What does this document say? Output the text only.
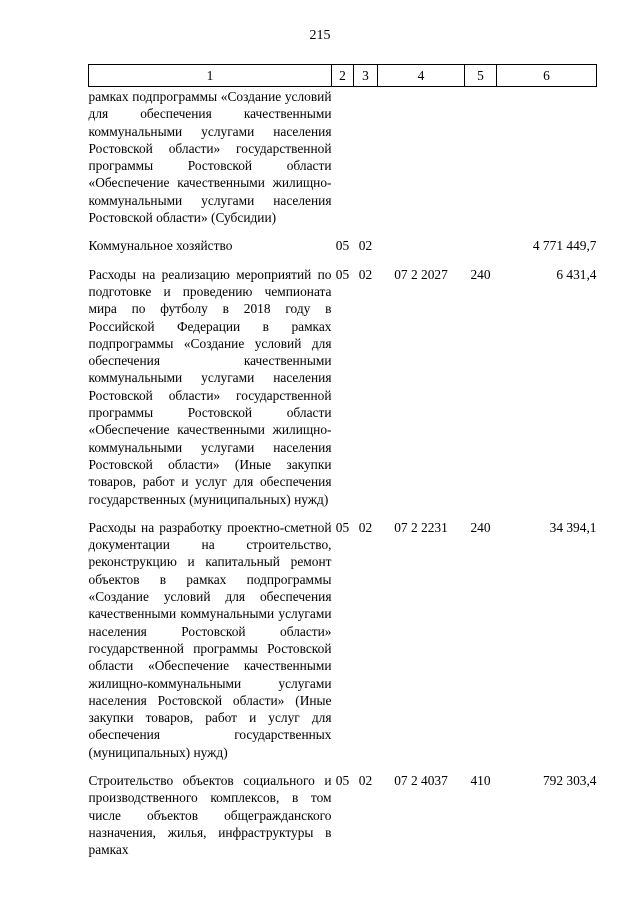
215
1	2	3	4	5	6
рамках подпрограммы «Создание условий для обеспечения качественными коммунальными услугами населения Ростовской области» государственной программы Ростовской области «Обеспечение качественными жилищно-коммунальными услугами населения Ростовской области» (Субсидии)					
Коммунальное хозяйство	05	02			4 771 449,7
Расходы на реализацию мероприятий по подготовке и проведению чемпионата мира по футболу в 2018 году в Российской Федерации в рамках подпрограммы «Создание условий для обеспечения качественными коммунальными услугами населения Ростовской области» государственной программы Ростовской области «Обеспечение качественными жилищно-коммунальными услугами населения Ростовской области» (Иные закупки товаров, работ и услуг для обеспечения государственных (муниципальных) нужд)	05	02	07 2 2027	240	6 431,4
Расходы на разработку проектно-сметной документации на строительство, реконструкцию и капитальный ремонт объектов в рамках подпрограммы «Создание условий для обеспечения качественными коммунальными услугами населения Ростовской области» государственной программы Ростовской области «Обеспечение качественными жилищно-коммунальными услугами населения Ростовской области» (Иные закупки товаров, работ и услуг для обеспечения государственных (муниципальных) нужд)	05	02	07 2 2231	240	34 394,1
Строительство объектов социального и производственного комплексов, в том числе объектов общегражданского назначения, жилья, инфраструктуры в рамках	05	02	07 2 4037	410	792 303,4
